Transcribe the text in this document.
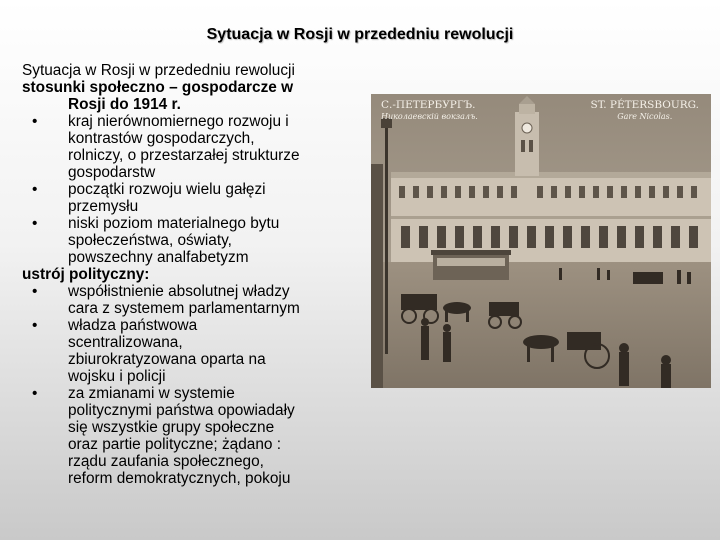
Sytuacja w Rosji w przededniu rewolucji

Sytuacja w Rosji w przededniu rewolucji

stosunki społeczno – gospodarcze w

Rosji do 1914 r.

• kraj nierównomiernego rozwoju i
kontrastów gospodarczych,
rolniczy, o przestarzałej strukturze
gospodarstw
• początki rozwoju wielu gałęzi
przemysłu
• niski poziom materialnego bytu
społeczeństwa, oświaty,
powszechny analfabetyzm

ustrój polityczny:

• współistnienie absolutnej władzy
cara z systemem parlamentarnym
• władza państwowa
scentralizowana,
zbiurokratyzowana oparta na
wojsku i policji
• za zmianami w systemie
politycznymi państwa opowiadały
się wszystkie grupy społeczne
oraz partie polityczne; żądano :
rządu zaufania społecznego,
reform demokratycznych, pokoju
С.-ПЕТЕРБУРГЪ.
Николаевскiй вокзалъ.
ST. PÉTERSBOURG.
Gare Nicolas.
